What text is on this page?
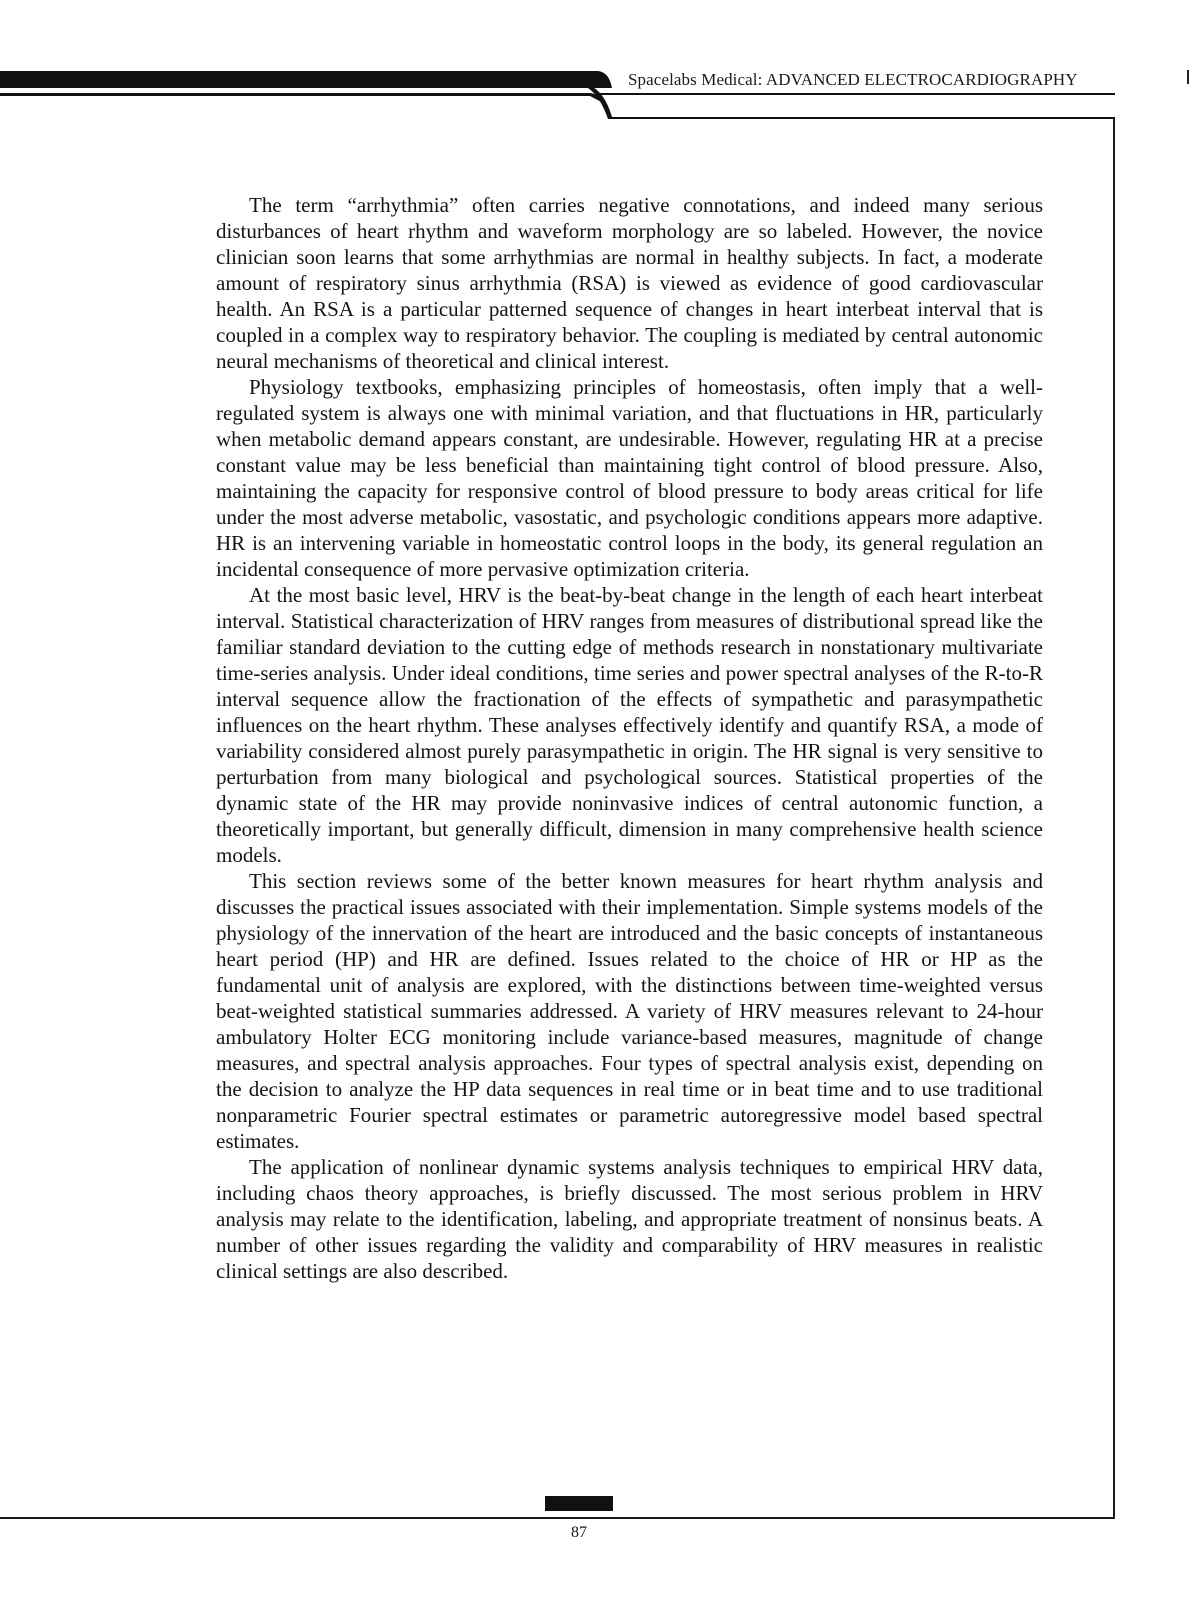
Spacelabs Medical: ADVANCED ELECTROCARDIOGRAPHY

The term “arrhythmia” often carries negative connotations, and indeed many serious disturbances of heart rhythm and waveform morphology are so labeled. However, the novice clinician soon learns that some arrhythmias are normal in healthy subjects. In fact, a moderate amount of respiratory sinus arrhythmia (RSA) is viewed as evidence of good cardiovascular health. An RSA is a particular patterned sequence of changes in heart interbeat interval that is coupled in a complex way to respiratory behavior. The coupling is mediated by central autonomic neural mechanisms of theoretical and clinical interest.

Physiology textbooks, emphasizing principles of homeostasis, often imply that a well-regulated system is always one with minimal variation, and that fluctuations in HR, particularly when metabolic demand appears constant, are undesirable. However, regulating HR at a precise constant value may be less beneficial than maintaining tight control of blood pressure. Also, maintaining the capacity for responsive control of blood pressure to body areas critical for life under the most adverse metabolic, vasostatic, and psychologic conditions appears more adaptive. HR is an intervening variable in homeostatic control loops in the body, its general regulation an incidental consequence of more pervasive optimization criteria.

At the most basic level, HRV is the beat-by-beat change in the length of each heart interbeat interval. Statistical characterization of HRV ranges from measures of distributional spread like the familiar standard deviation to the cutting edge of methods research in nonstationary multivariate time-series analysis. Under ideal conditions, time series and power spectral analyses of the R-to-R interval sequence allow the fractionation of the effects of sympathetic and parasympathetic influences on the heart rhythm. These analyses effectively identify and quantify RSA, a mode of variability considered almost purely parasympathetic in origin. The HR signal is very sensitive to perturbation from many biological and psychological sources. Statistical properties of the dynamic state of the HR may provide noninvasive indices of central autonomic function, a theoretically important, but generally difficult, dimension in many comprehensive health science models.

This section reviews some of the better known measures for heart rhythm analysis and discusses the practical issues associated with their implementation. Simple systems models of the physiology of the innervation of the heart are introduced and the basic concepts of instantaneous heart period (HP) and HR are defined. Issues related to the choice of HR or HP as the fundamental unit of analysis are explored, with the distinctions between time-weighted versus beat-weighted statistical summaries addressed. A variety of HRV measures relevant to 24-hour ambulatory Holter ECG monitoring include variance-based measures, magnitude of change measures, and spectral analysis approaches. Four types of spectral analysis exist, depending on the decision to analyze the HP data sequences in real time or in beat time and to use traditional nonparametric Fourier spectral estimates or parametric autoregressive model based spectral estimates.

The application of nonlinear dynamic systems analysis techniques to empirical HRV data, including chaos theory approaches, is briefly discussed. The most serious problem in HRV analysis may relate to the identification, labeling, and appropriate treatment of nonsinus beats. A number of other issues regarding the validity and comparability of HRV measures in realistic clinical settings are also described.

87
